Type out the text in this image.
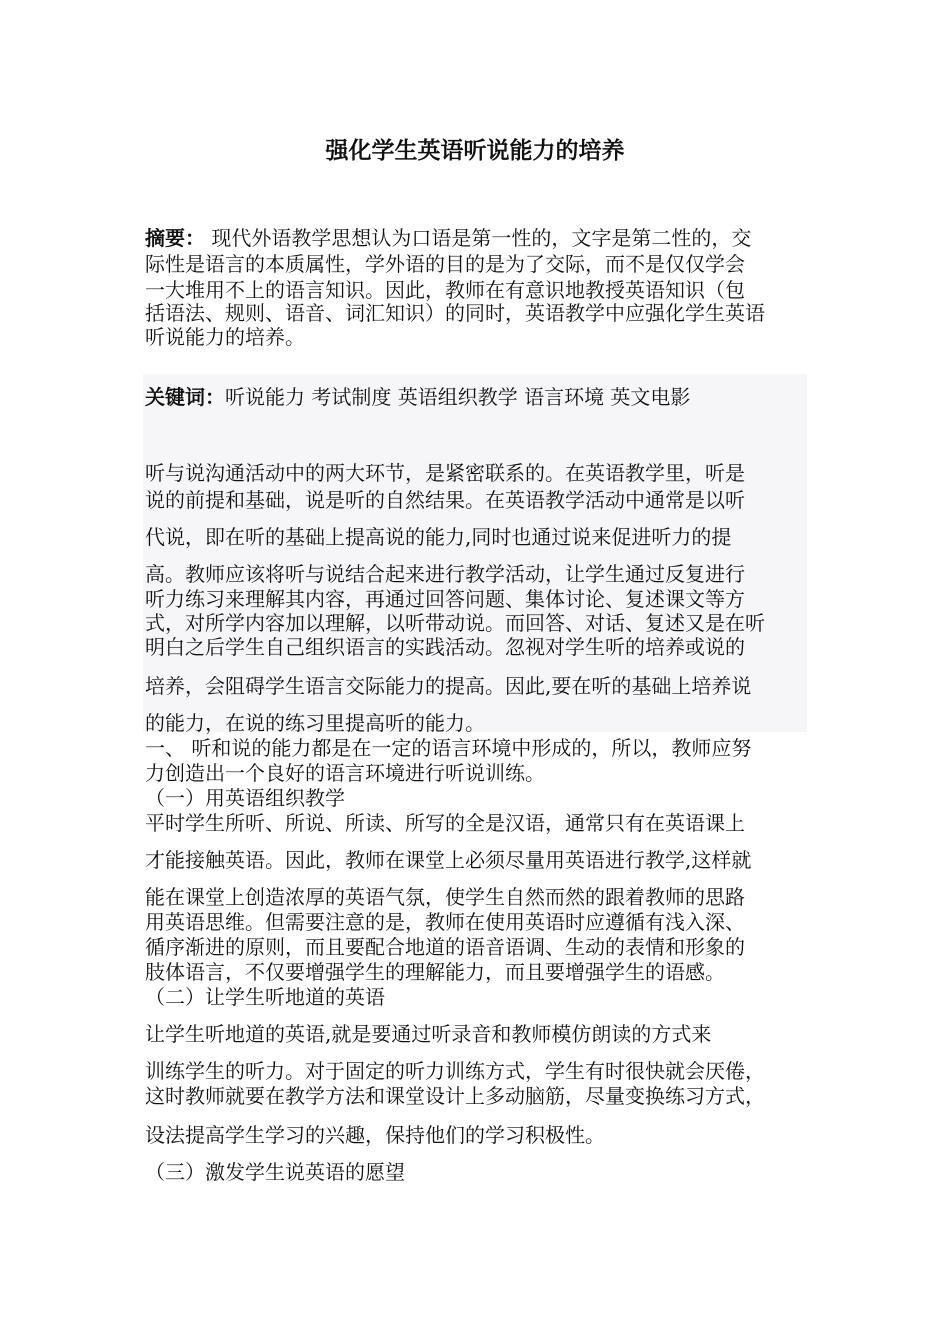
强化学生英语听说能力的培养
摘要： 现代外语教学思想认为口语是第一性的，文字是第二性的，交
际性是语言的本质属性，学外语的目的是为了交际，而不是仅仅学会
一大堆用不上的语言知识。因此，教师在有意识地教授英语知识（包
括语法、规则、语音、词汇知识）的同时，英语教学中应强化学生英语
听说能力的培养。
关键词：听说能力 考试制度 英语组织教学 语言环境 英文电影
听与说沟通活动中的两大环节，是紧密联系的。在英语教学里，听是
说的前提和基础，说是听的自然结果。在英语教学活动中通常是以听
代说，即在听的基础上提高说的能力,同时也通过说来促进听力的提
高。教师应该将听与说结合起来进行教学活动，让学生通过反复进行
听力练习来理解其内容，再通过回答问题、集体讨论、复述课文等方
式，对所学内容加以理解，以听带动说。而回答、对话、复述又是在听
明白之后学生自己组织语言的实践活动。忽视对学生听的培养或说的
培养，会阻碍学生语言交际能力的提高。因此,要在听的基础上培养说
的能力，在说的练习里提高听的能力。
一、 听和说的能力都是在一定的语言环境中形成的，所以，教师应努
力创造出一个良好的语言环境进行听说训练。
（一）用英语组织教学
平时学生所听、所说、所读、所写的全是汉语，通常只有在英语课上
才能接触英语。因此，教师在课堂上必须尽量用英语进行教学,这样就
能在课堂上创造浓厚的英语气氛，使学生自然而然的跟着教师的思路
用英语思维。但需要注意的是，教师在使用英语时应遵循有浅入深、
循序渐进的原则，而且要配合地道的语音语调、生动的表情和形象的
肢体语言，不仅要增强学生的理解能力，而且要增强学生的语感。
（二）让学生听地道的英语
让学生听地道的英语,就是要通过听录音和教师模仿朗读的方式来
训练学生的听力。对于固定的听力训练方式，学生有时很快就会厌倦，
这时教师就要在教学方法和课堂设计上多动脑筋，尽量变换练习方式，
设法提高学生学习的兴趣，保持他们的学习积极性。
（三）激发学生说英语的愿望
